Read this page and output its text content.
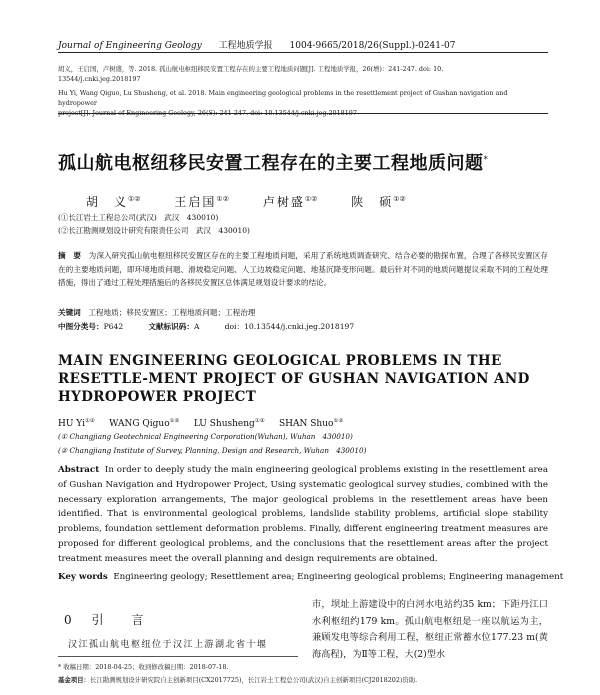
Journal of Engineering Geology 工程地质学报 1004-9665/2018/26(Suppl.)-0241-07
胡义，王启国，卢树盛，等. 2018. 孤山航电枢纽移民安置工程存在的主要工程地质问题[J]. 工程地质学报，26(增)：241-247. doi: 10.
13544/j.cnki.jeg.2018197
Hu Yi, Wang Qiguo, Lu Shusheng, et al. 2018. Main engineering geological problems in the resettlement project of Gushan navigation and hydropower
project[J]. Journal of Engineering Geology, 26(S): 241-247. doi: 10.13544/j.cnki.jeg.2018197
孤山航电枢纽移民安置工程存在的主要工程地质问题*
胡　义①②　　	王启国①②　　	卢树盛①②　　	陕　硕①②
(①长江岩土工程总公司(武汉)　武汉　430010)
(②长江勘测规划设计研究有限责任公司　武汉　430010)
摘　要　 为深入研究孤山航电枢纽移民安置区存在的主要工程地质问题，采用了系统地质调查研究、结合必要的勘探布置，合理了各移民安置区存在的主要地质问题，即环境地质问题、滑坡稳定问题、人工边坡稳定问题、地基沉降变形问题。最后针对不同的地质问题提议采取不同的工程处理措施，得出了通过工程处理措施后的各移民安置区总体满足规划设计要求的结论。
关键词　 工程地质；移民安置区；工程地质问题；工程治理
中图分类号：P642 　　　	文献标识码：A 　　　	doi：10.13544/j.cnki.jeg.2018197
MAIN ENGINEERING GEOLOGICAL PROBLEMS IN THE RESETTLE-MENT PROJECT OF GUSHAN NAVIGATION AND HYDROPOWER PROJECT
HU Yi①② WANG Qiguo①② LU Shusheng①② SHAN Shuo①②
(① Changjiang Geotechnical Engineering Corporation(Wuhan), Wuhan　430010)
(② Changjiang Institute of Survey, Planning, Design and Research, Wuhan　430010)
Abstract In order to deeply study the main engineering geological problems existing in the resettlement area of Gushan Navigation and Hydropower Project, Using systematic geological survey studies, combined with the necessary exploration arrangements, The major geological problems in the resettlement areas have been identified. That is environmental geological problems, landslide stability problems, artificial slope stability problems, foundation settlement deformation problems. Finally, different engineering treatment measures are proposed for different geological problems, and the conclusions that the resettlement areas after the project treatment measures meet the overall planning and design requirements are obtained.
Key words Engineering geology; Resettlement area; Engineering geological problems; Engineering management
0 引　言
汉江孤山航电枢纽位于汉江上游湖北省十堰
市，坝址上游建设中的白河水电站约35 km；下距丹江口水利枢纽约179 km。孤山航电枢纽是一座以航运为主，兼顾发电等综合利用工程，枢纽正常蓄水位177.23 m(黄海高程)，为Ⅱ等工程，大(2)型水
* 收稿日期：2018-04-25；收到修改稿日期：2018-07-18.
基金项目：长江勘测规划设计研究院自主创新项目(CX2017725)，长江岩土工程总公司(武汉)自主创新项目(CJ2018202)资助.
